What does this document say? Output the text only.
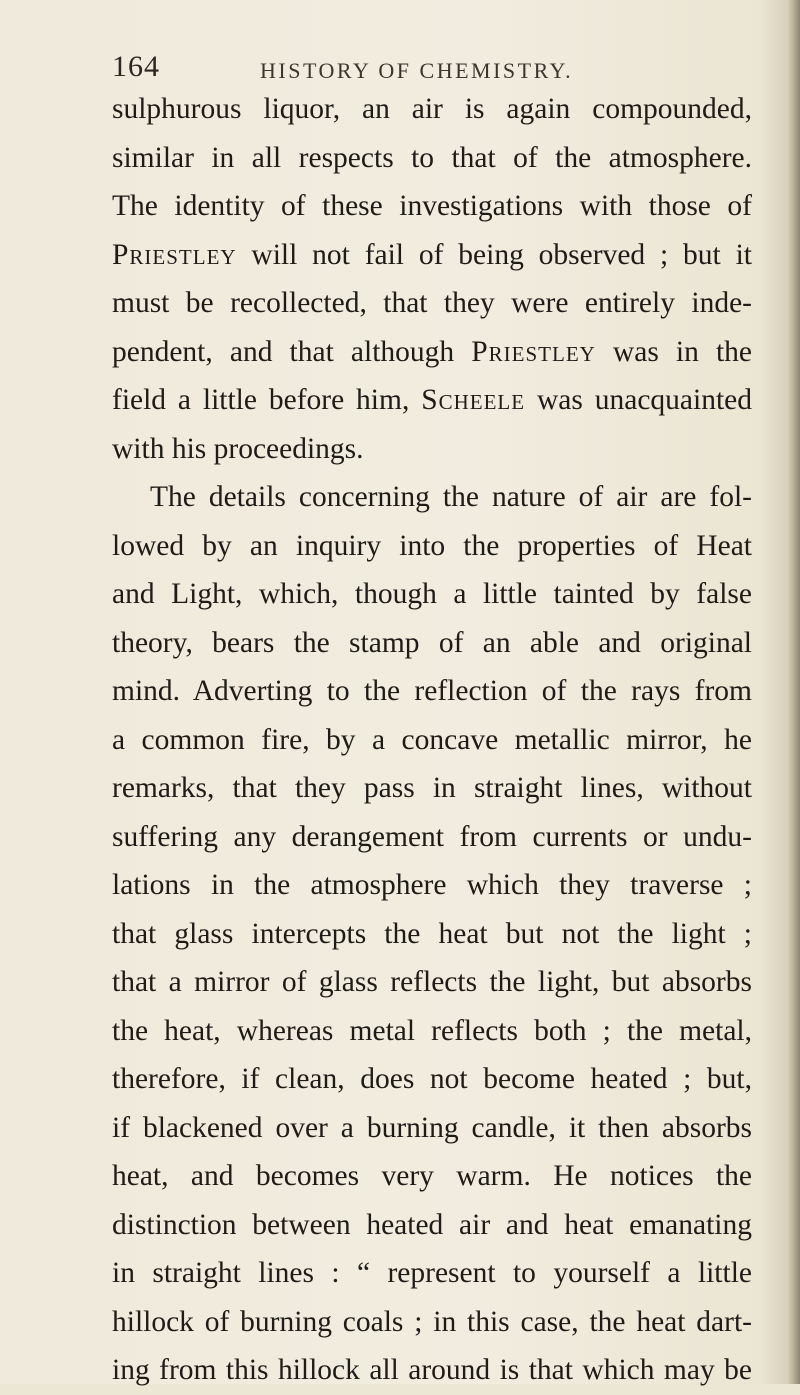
164	HISTORY OF CHEMISTRY.
sulphurous liquor, an air is again compounded,
similar in all respects to that of the atmosphere.
The identity of these investigations with those of
Priestley will not fail of being observed ; but it
must be recollected, that they were entirely inde-
pendent, and that although Priestley was in the
field a little before him, Scheele was unacquainted
with his proceedings.
The details concerning the nature of air are fol-
lowed by an inquiry into the properties of Heat
and Light, which, though a little tainted by false
theory, bears the stamp of an able and original
mind. Adverting to the reflection of the rays from
a common fire, by a concave metallic mirror, he
remarks, that they pass in straight lines, without
suffering any derangement from currents or undu-
lations in the atmosphere which they traverse ;
that glass intercepts the heat but not the light ;
that a mirror of glass reflects the light, but absorbs
the heat, whereas metal reflects both ; the metal,
therefore, if clean, does not become heated ; but,
if blackened over a burning candle, it then absorbs
heat, and becomes very warm. He notices the
distinction between heated air and heat emanating
in straight lines : “ represent to yourself a little
hillock of burning coals ; in this case, the heat dart-
ing from this hillock all around is that which may be
